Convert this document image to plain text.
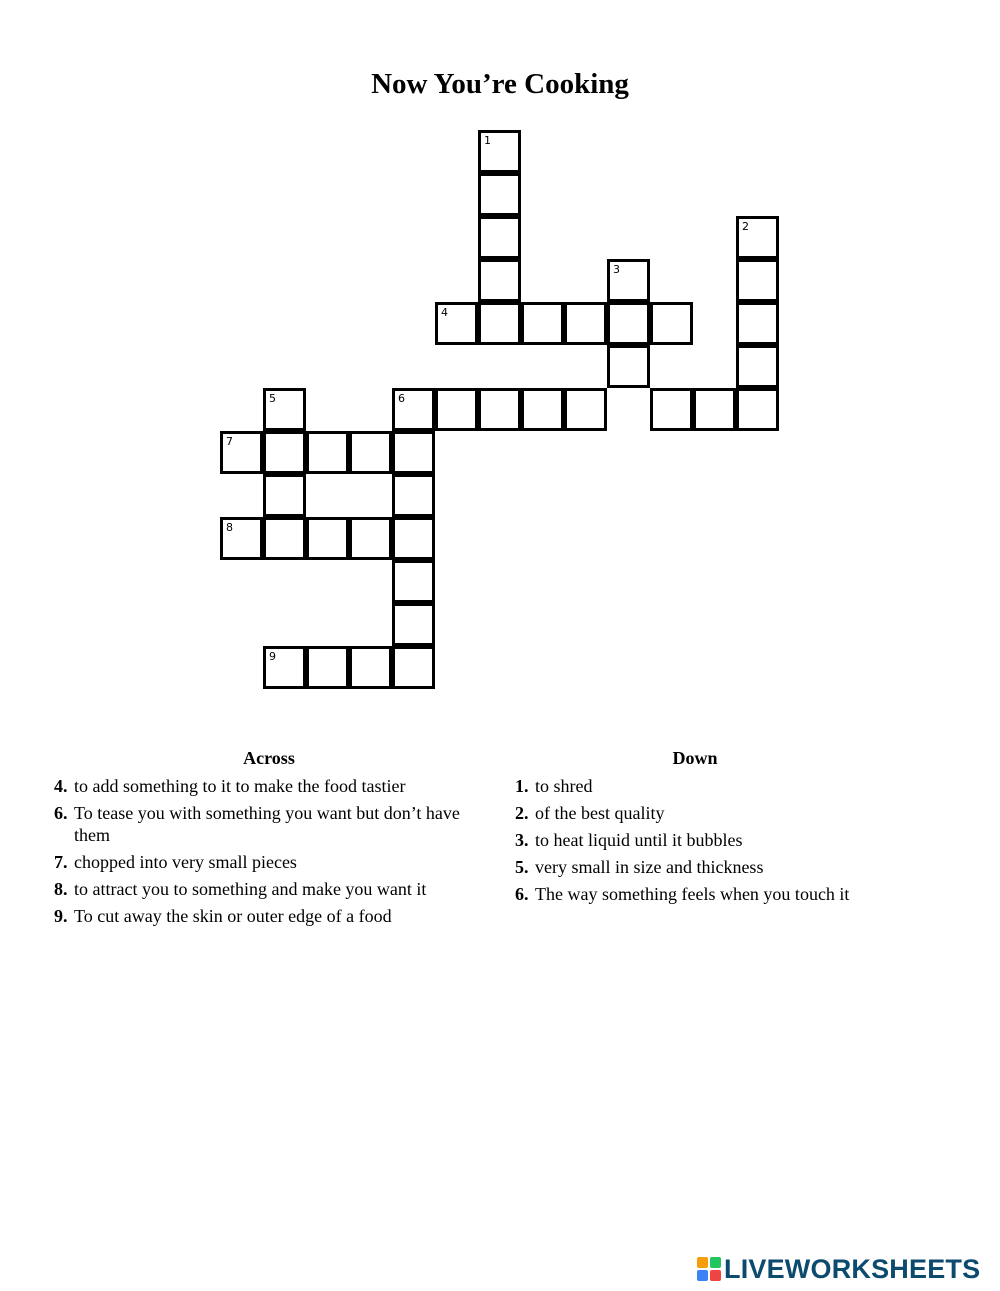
Now You’re Cooking
1
2
3
4
5	6
7
8
9
Across
4. to add something to it to make the food tastier
6. To tease you with something you want but don’t have them
7. chopped into very small pieces
8. to attract you to something and make you want it
9. To cut away the skin or outer edge of a food
Down
1. to shred
2. of the best quality
3. to heat liquid until it bubbles
5. very small in size and thickness
6. The way something feels when you touch it
LIVEWORKSHEETS
